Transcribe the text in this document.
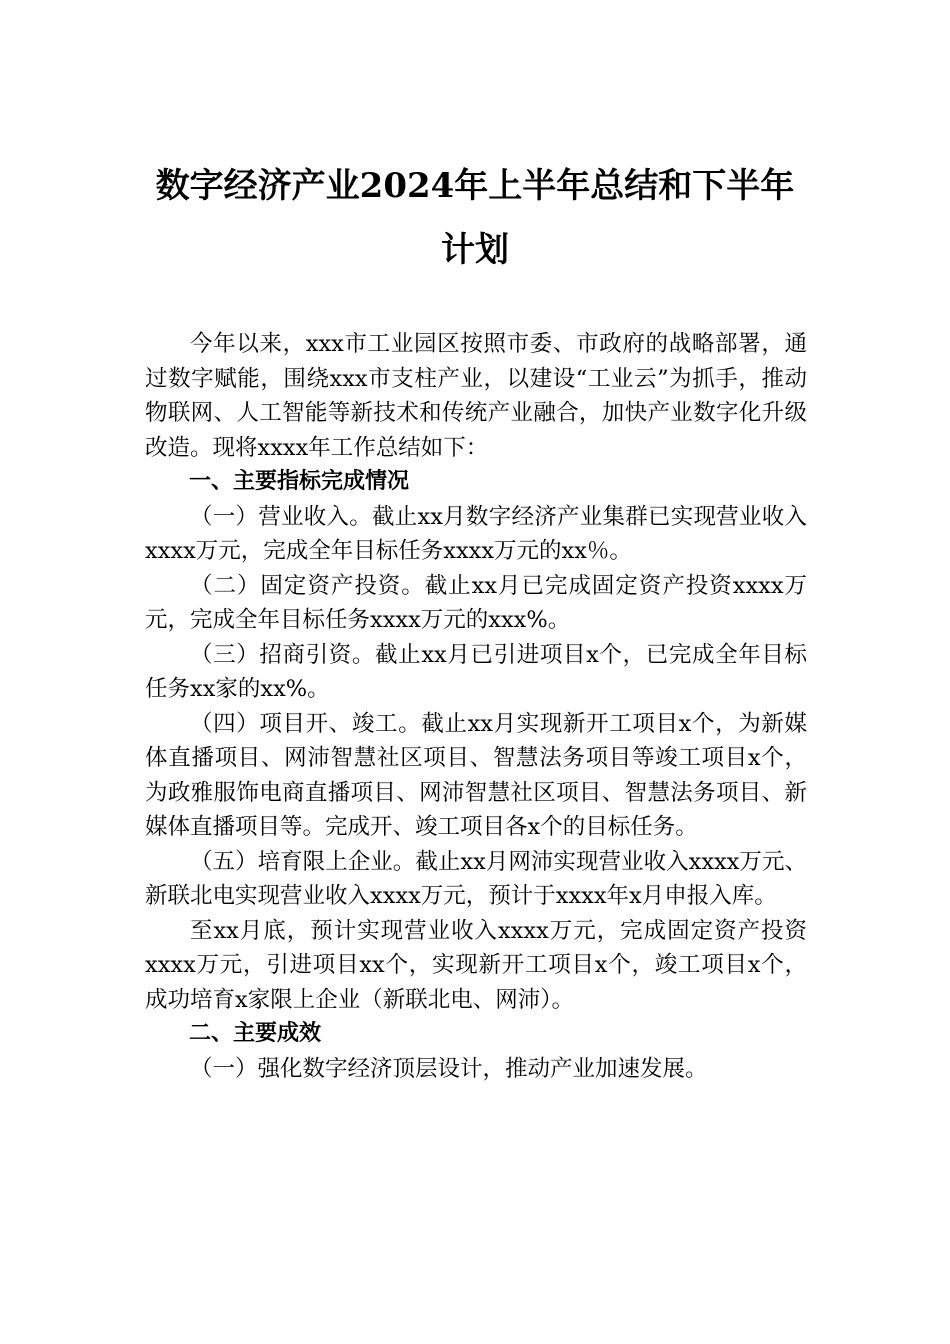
数字经济产业2024年上半年总结和下半年
计划

今年以来，xxx市工业园区按照市委、市政府的战略部署，通过数字赋能，围绕xxx市支柱产业，以建设“工业云”为抓手，推动物联网、人工智能等新技术和传统产业融合，加快产业数字化升级改造。现将xxxx年工作总结如下：

一、主要指标完成情况

（一）营业收入。截止xx月数字经济产业集群已实现营业收入xxxx万元，完成全年目标任务xxxx万元的xx％。

（二）固定资产投资。截止xx月已完成固定资产投资xxxx万元，完成全年目标任务xxxx万元的xxx%。

（三）招商引资。截止xx月已引进项目x个，已完成全年目标任务xx家的xx%。

（四）项目开、竣工。截止xx月实现新开工项目x个，为新媒体直播项目、网沛智慧社区项目、智慧法务项目等竣工项目x个，为政雅服饰电商直播项目、网沛智慧社区项目、智慧法务项目、新媒体直播项目等。完成开、竣工项目各x个的目标任务。

（五）培育限上企业。截止xx月网沛实现营业收入xxxx万元、新联北电实现营业收入xxxx万元，预计于xxxx年x月申报入库。

至xx月底，预计实现营业收入xxxx万元，完成固定资产投资xxxx万元，引进项目xx个，实现新开工项目x个，竣工项目x个，成功培育x家限上企业（新联北电、网沛）。

二、主要成效

（一）强化数字经济顶层设计，推动产业加速发展。
